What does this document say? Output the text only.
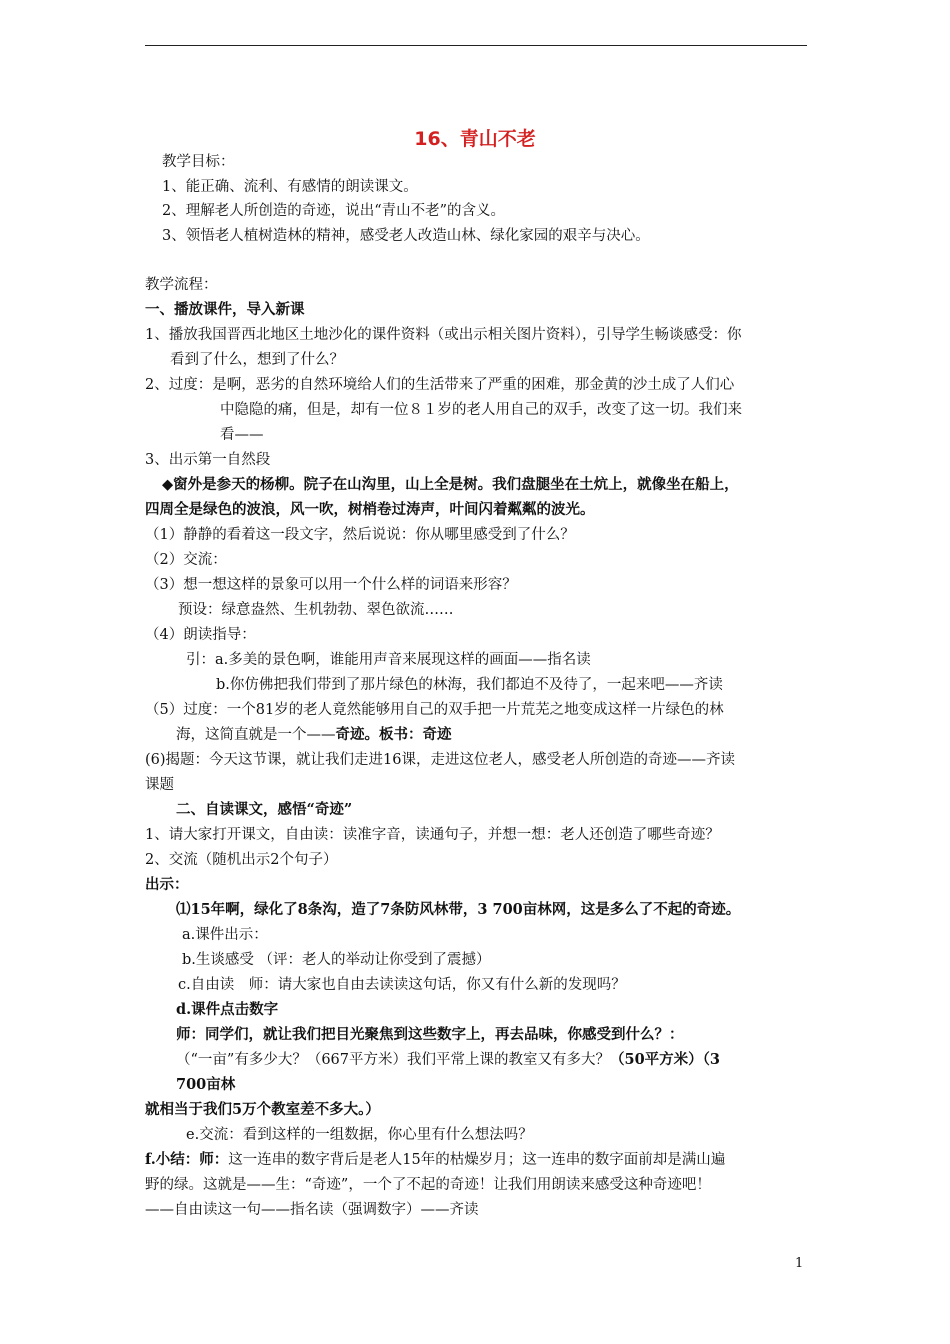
16、青山不老
教学目标：
1、能正确、流利、有感情的朗读课文。
2、理解老人所创造的奇迹，说出“青山不老”的含义。
3、领悟老人植树造林的精神，感受老人改造山林、绿化家园的艰辛与决心。
教学流程：
一、播放课件，导入新课
1、播放我国晋西北地区土地沙化的课件资料（或出示相关图片资料），引导学生畅谈感受：你
看到了什么，想到了什么？
2、过度：是啊，恶劣的自然环境给人们的生活带来了严重的困难，那金黄的沙土成了人们心
中隐隐的痛，但是，却有一位８１岁的老人用自己的双手，改变了这一切。我们来
看——
3、出示第一自然段
◆窗外是参天的杨柳。院子在山沟里，山上全是树。我们盘腿坐在土炕上，就像坐在船上，
四周全是绿色的波浪，风一吹，树梢卷过涛声，叶间闪着粼粼的波光。
（1）静静的看着这一段文字，然后说说：你从哪里感受到了什么？
（2）交流：
（3）想一想这样的景象可以用一个什么样的词语来形容？
预设：绿意盎然、生机勃勃、翠色欲流……
（4）朗读指导：
引：a.多美的景色啊，谁能用声音来展现这样的画面——指名读
b.你仿佛把我们带到了那片绿色的林海，我们都迫不及待了，一起来吧——齐读
（5）过度：一个81岁的老人竟然能够用自己的双手把一片荒芜之地变成这样一片绿色的林
海，这简直就是一个——奇迹。板书：奇迹
(6)揭题：今天这节课，就让我们走进16课，走进这位老人，感受老人所创造的奇迹——齐读
课题
二、自读课文，感悟“奇迹”
1、请大家打开课文，自由读：读准字音，读通句子，并想一想：老人还创造了哪些奇迹？
2、交流（随机出示2个句子）
出示：
⑴15年啊，绿化了8条沟，造了7条防风林带，3 700亩林网，这是多么了不起的奇迹。
a.课件出示：
b.生谈感受 （评：老人的举动让你受到了震撼）
c.自由读　师：请大家也自由去读读这句话，你又有什么新的发现吗？
d.课件点击数字
师：同学们，就让我们把目光聚焦到这些数字上，再去品味，你感受到什么？：
（“一亩”有多少大？（667平方米）我们平常上课的教室又有多大？（50平方米）（3
700亩林
就相当于我们5万个教室差不多大。）
e.交流：看到这样的一组数据，你心里有什么想法吗？
f.小结：师：这一连串的数字背后是老人15年的枯燥岁月；这一连串的数字面前却是满山遍
野的绿。这就是——生：“奇迹”，一个了不起的奇迹！让我们用朗读来感受这种奇迹吧！
——自由读这一句——指名读（强调数字）——齐读
1
